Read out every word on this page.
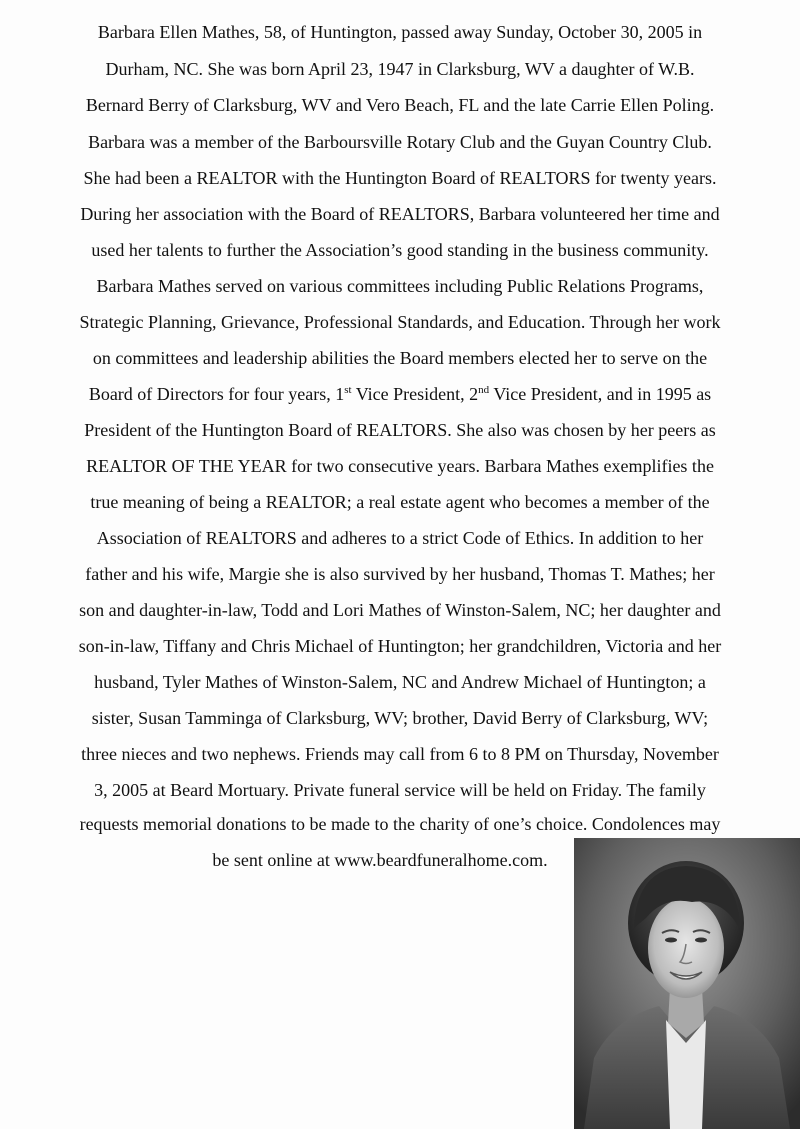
Barbara Ellen Mathes, 58, of Huntington, passed away Sunday, October 30, 2005 in
Durham, NC. She was born April 23, 1947 in Clarksburg, WV a daughter of W.B.
Bernard Berry of Clarksburg, WV and Vero Beach, FL and the late Carrie Ellen Poling.
Barbara was a member of the Barboursville Rotary Club and the Guyan Country Club.
She had been a REALTOR with the Huntington Board of REALTORS for twenty years.
During her association with the Board of REALTORS, Barbara volunteered her time and
used her talents to further the Association’s good standing in the business community.
Barbara Mathes served on various committees including Public Relations Programs,
Strategic Planning, Grievance, Professional Standards, and Education. Through her work
on committees and leadership abilities the Board members elected her to serve on the
Board of Directors for four years, 1st Vice President, 2nd Vice President, and in 1995 as
President of the Huntington Board of REALTORS. She also was chosen by her peers as
REALTOR OF THE YEAR for two consecutive years. Barbara Mathes exemplifies the
true meaning of being a REALTOR; a real estate agent who becomes a member of the
Association of REALTORS and adheres to a strict Code of Ethics. In addition to her
father and his wife, Margie she is also survived by her husband, Thomas T. Mathes; her
son and daughter-in-law, Todd and Lori Mathes of Winston-Salem, NC; her daughter and
son-in-law, Tiffany and Chris Michael of Huntington; her grandchildren, Victoria and her
husband, Tyler Mathes of Winston-Salem, NC and Andrew Michael of Huntington; a
sister, Susan Tamminga of Clarksburg, WV; brother, David Berry of Clarksburg, WV;
three nieces and two nephews. Friends may call from 6 to 8 PM on Thursday, November
3, 2005 at Beard Mortuary. Private funeral service will be held on Friday. The family
requests memorial donations to be made to the charity of one’s choice. Condolences may
be sent online at www.beardfuneralhome.com.
